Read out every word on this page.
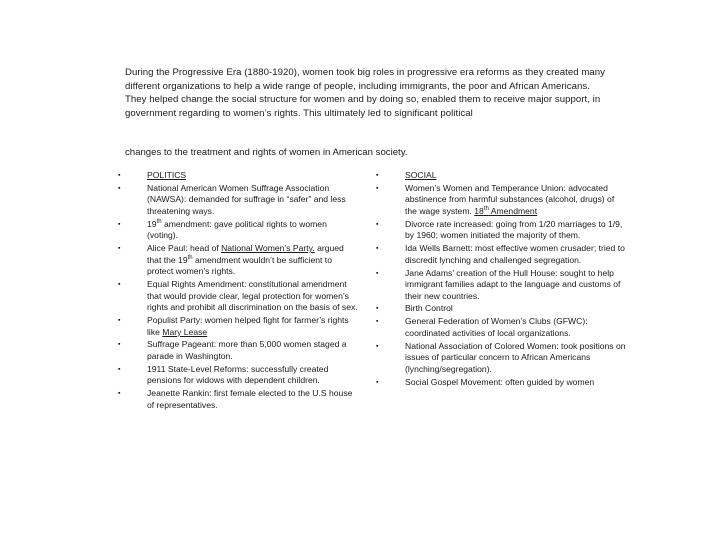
During the Progressive Era (1880-1920), women took big roles in progressive era reforms as they created many different organizations to help a wide range of people, including immigrants, the poor and African Americans. They helped change the social structure for women and by doing so, enabled them to receive major support, in government regarding to women’s rights. This ultimately led to significant political

changes to the treatment and rights of women in American society.
▪	POLITICS
▪	National American Women Suffrage Association (NAWSA): demanded for suffrage in “safer” and less threatening ways.
▪	19th amendment: gave political rights to women (voting).
▪	Alice Paul: head of National Women’s Party. argued that the 19th amendment wouldn’t be sufficient to protect women’s rights.
▪	Equal Rights Amendment: constitutional amendment that would provide clear, legal protection for women’s rights and prohibit all discrimination on the basis of sex.
▪	Populist Party: women helped fight for farmer’s rights like Mary Lease
▪	Suffrage Pageant: more than 5,000 women staged a parade in Washington.
▪	1911 State-Level Reforms: successfully created pensions for widows with dependent children.
▪	Jeanette Rankin: first female elected to the U.S house of representatives.
▪	SOCIAL
▪	Women’s Women and Temperance Union: advocated abstinence from harmful substances (alcohol, drugs) of the wage system. 18th Amendment
▪	Divorce rate increased: going from 1/20 marriages to 1/9, by 1960; women initiated the majority of them.
▪	Ida Wells Barnett: most effective women crusader; tried to discredit lynching and challenged segregation.
▪	Jane Adams’ creation of the Hull House: sought to help immigrant families adapt to the language and customs of their new countries.
▪	Birth Control
▪	General Federation of Women’s Clubs (GFWC): coordinated activities of local organizations.
▪	National Association of Colored Women: took positions on issues of particular concern to African Americans (lynching/segregation).
▪	Social Gospel Movement: often guided by women
